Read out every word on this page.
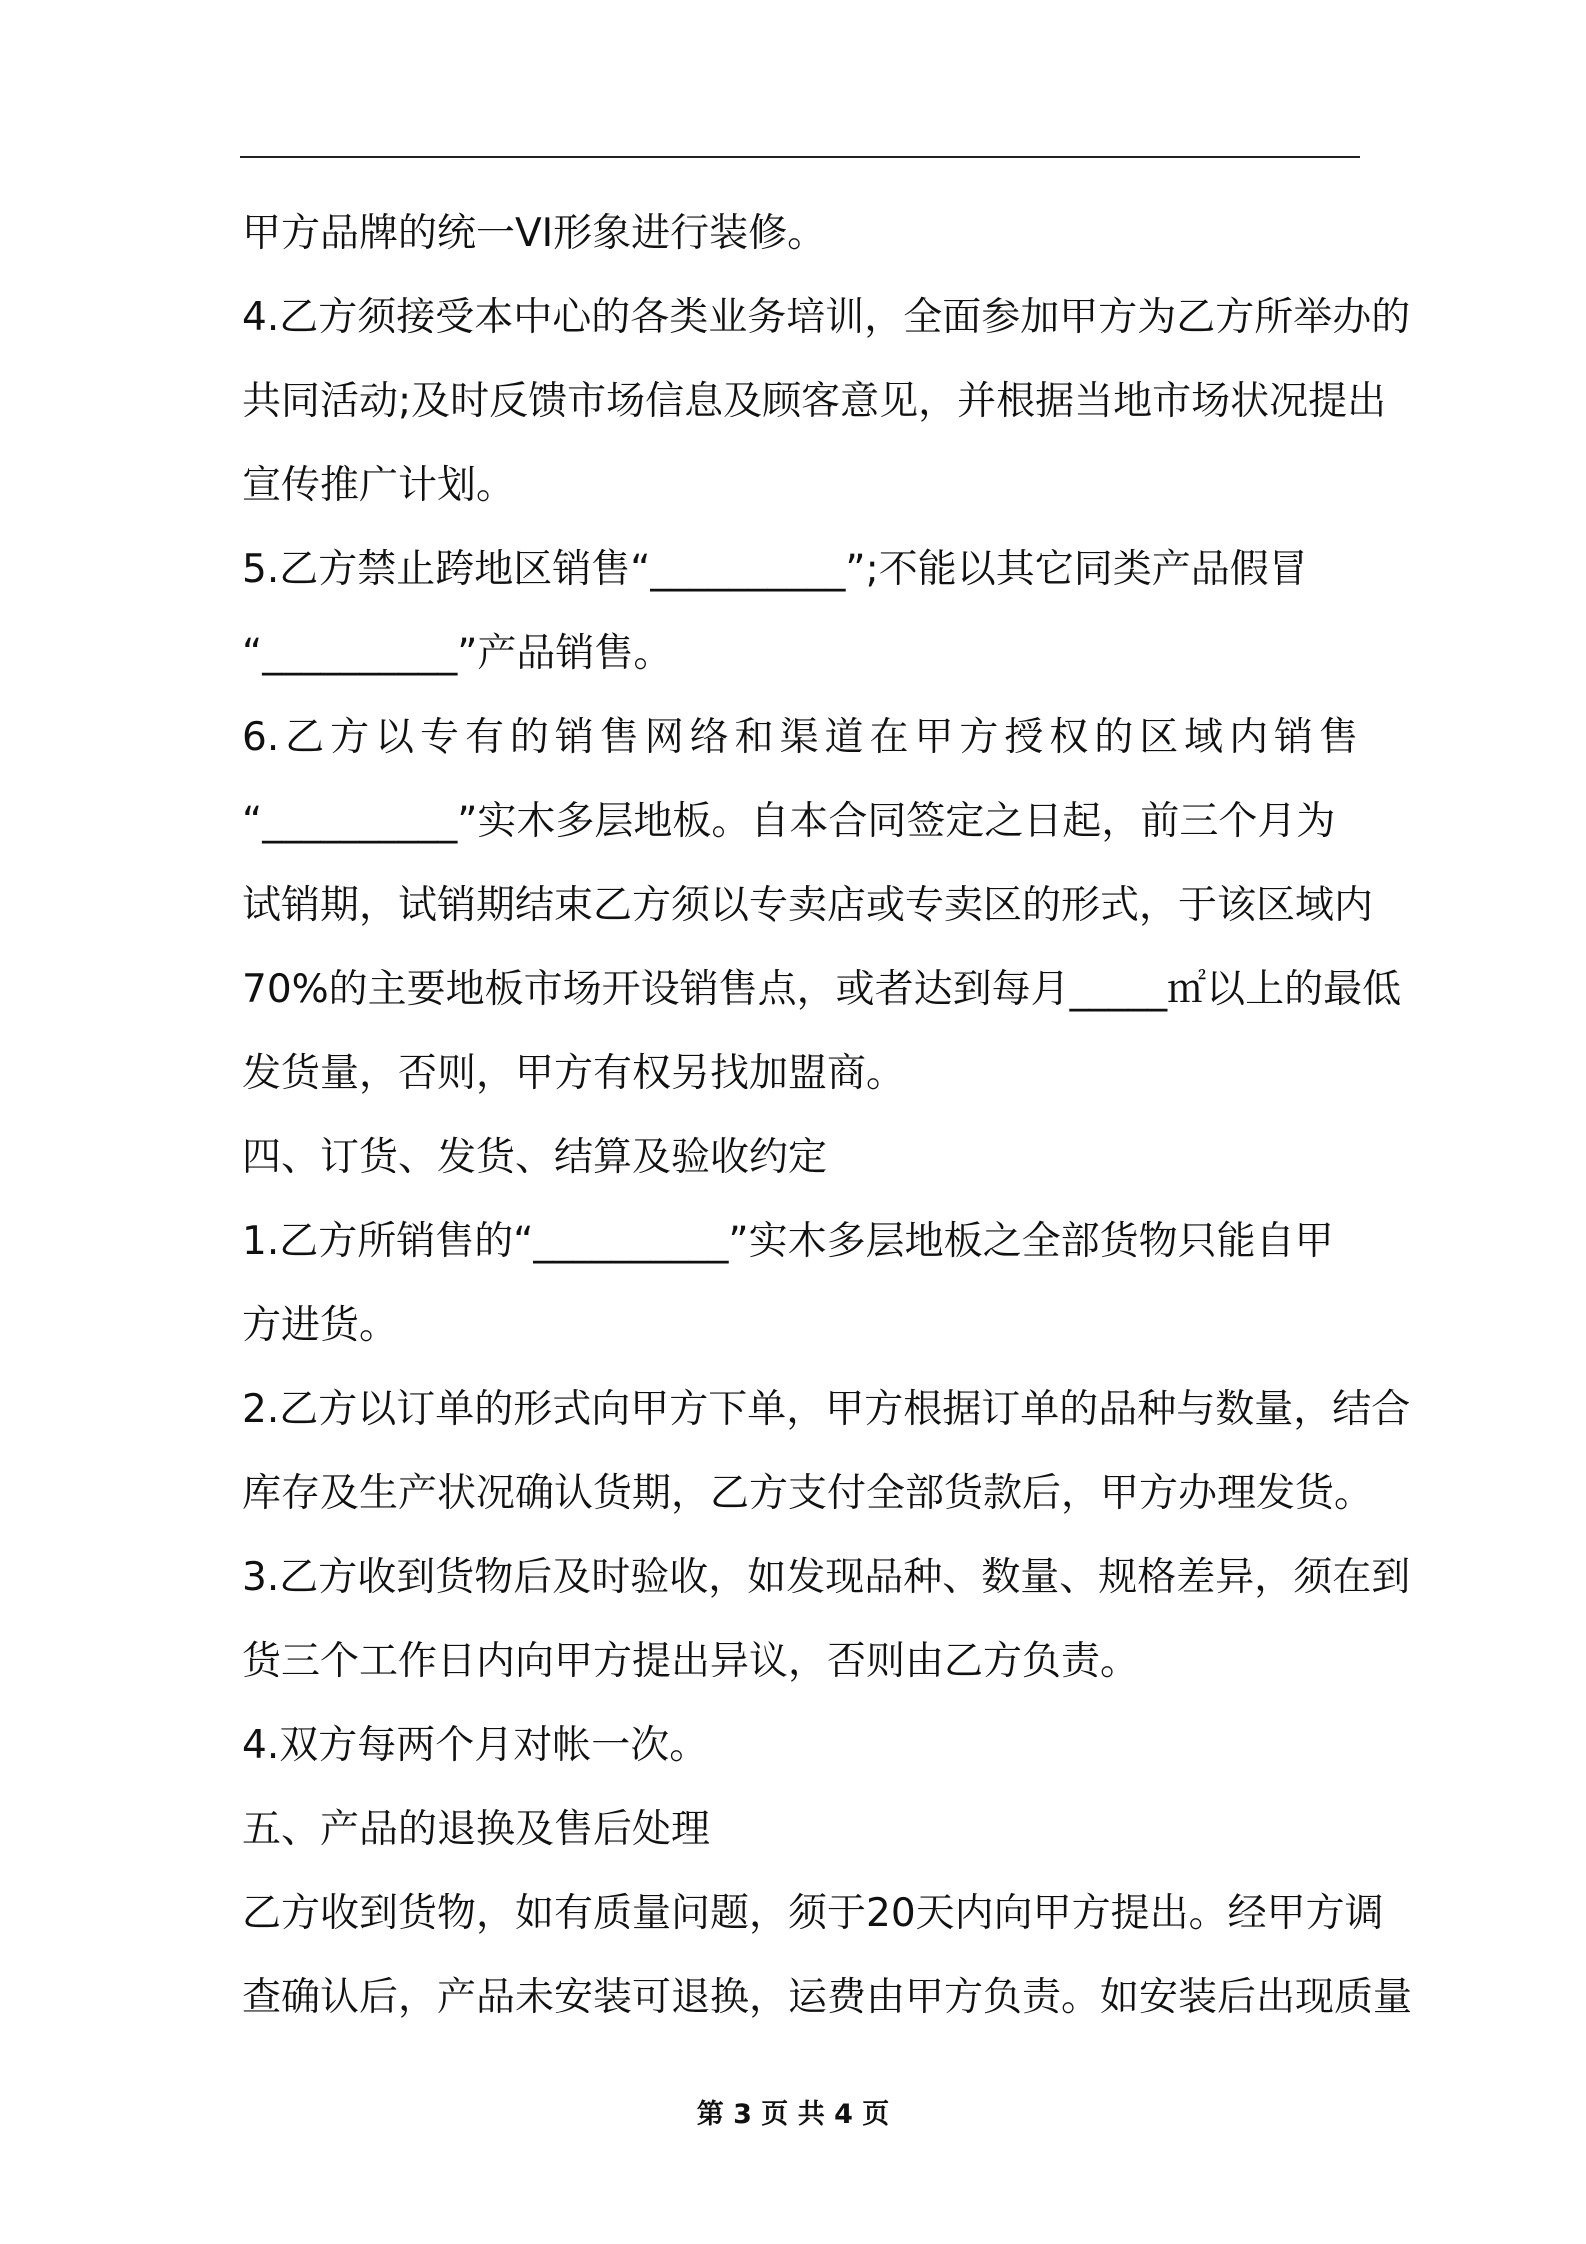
甲方品牌的统一VI形象进行装修。
4.乙方须接受本中心的各类业务培训，全面参加甲方为乙方所举办的
共同活动;及时反馈市场信息及顾客意见，并根据当地市场状况提出
宣传推广计划。
5.乙方禁止跨地区销售“__________”;不能以其它同类产品假冒
“__________”产品销售。
6.乙方以专有的销售网络和渠道在甲方授权的区域内销售
“__________”实木多层地板。自本合同签定之日起，前三个月为
试销期，试销期结束乙方须以专卖店或专卖区的形式，于该区域内
70%的主要地板市场开设销售点，或者达到每月_____㎡以上的最低
发货量，否则，甲方有权另找加盟商。
四、订货、发货、结算及验收约定
1.乙方所销售的“__________”实木多层地板之全部货物只能自甲
方进货。
2.乙方以订单的形式向甲方下单，甲方根据订单的品种与数量，结合
库存及生产状况确认货期，乙方支付全部货款后，甲方办理发货。
3.乙方收到货物后及时验收，如发现品种、数量、规格差异，须在到
货三个工作日内向甲方提出异议，否则由乙方负责。
4.双方每两个月对帐一次。
五、产品的退换及售后处理
乙方收到货物，如有质量问题，须于20天内向甲方提出。经甲方调
查确认后，产品未安装可退换，运费由甲方负责。如安装后出现质量
第 3 页 共 4 页
